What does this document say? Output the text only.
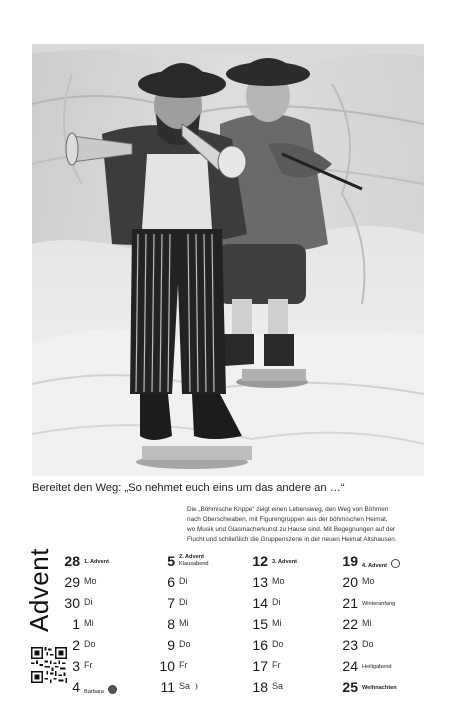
Bereitet den Weg: „So nehmet euch eins um das andere an …“
Die „Böhmische Krippe“ zeigt einen Lebensweg, den Weg von Böhmen
nach Oberschwaben, mit Figurengruppen aus der böhmischen Heimat,
wo Musik und Glasmacherkunst zu Hause sind. Mit Begegnungen auf der
Flucht und schließlich die Gruppenszene in der neuen Heimat Altshausen.
Advent 28 1. Advent
29 Mo
30 Di
1 Mi
2 Do
3 Fr
4 Barbara
5 2. Advent
Klausabend
6 Di
7 Di
8 Mi
9 Do
10 Fr
11 Sa
12 3. Advent
13 Mo
14 Di
15 Mi
16 Do
17 Fr
18 Sa
19 4. Advent
20 Mo
21 Winteranfang
22 Mi
23 Do
24 Heiligabend
25 Weihnachten
